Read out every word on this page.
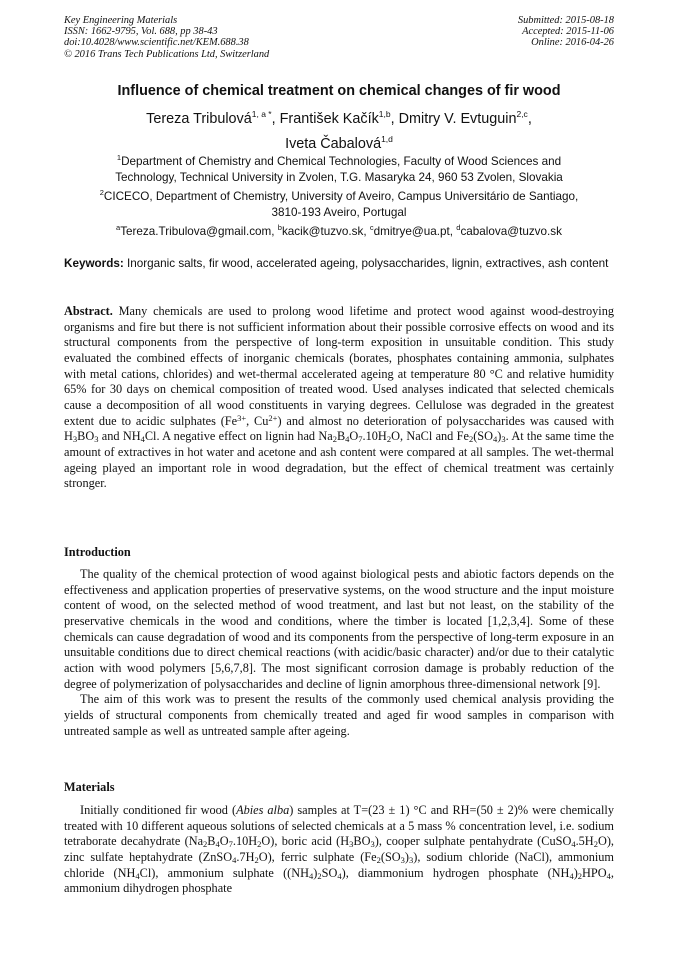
Key Engineering Materials
ISSN: 1662-9795, Vol. 688, pp 38-43
doi:10.4028/www.scientific.net/KEM.688.38
© 2016 Trans Tech Publications Ltd, Switzerland
Submitted: 2015-08-18
Accepted: 2015-11-06
Online: 2016-04-26
Influence of chemical treatment on chemical changes of fir wood
Tereza Tribulová$^{1, a *}$, František Kačík$^{1,b}$, Dmitry V. Evtuguin$^{2,c}$,
Iveta Čabalová$^{1,d}$
$^1$Department of Chemistry and Chemical Technologies, Faculty of Wood Sciences and
Technology, Technical University in Zvolen, T.G. Masaryka 24, 960 53 Zvolen, Slovakia
$^2$CICECO, Department of Chemistry, University of Aveiro, Campus Universitário de Santiago,
3810-193 Aveiro, Portugal
$^a$Tereza.Tribulova@gmail.com, $^b$kacik@tuzvo.sk, $^c$dmitrye@ua.pt, $^d$cabalova@tuzvo.sk
Keywords: Inorganic salts, fir wood, accelerated ageing, polysaccharides, lignin, extractives, ash content

Abstract. Many chemicals are used to prolong wood lifetime and protect wood against wood-destroying organisms and fire but there is not sufficient information about their possible corrosive effects on wood and its structural components from the perspective of long-term exposition in unsuitable condition. This study evaluated the combined effects of inorganic chemicals (borates, phosphates containing ammonia, sulphates with metal cations, chlorides) and wet-thermal accelerated ageing at temperature 80 °C and relative humidity 65% for 30 days on chemical composition of treated wood. Used analyses indicated that selected chemicals cause a decomposition of all wood constituents in varying degrees. Cellulose was degraded in the greatest extent due to acidic sulphates ($Fe^{3+}$, $Cu^{2+}$) and almost no deterioration of polysaccharides was caused with $H_3BO_3$ and $NH_4Cl$. A negative effect on lignin had $Na_2B_4O_7.10H_2O$, NaCl and $Fe_2(SO_4)_3$. At the same time the amount of extractives in hot water and acetone and ash content were compared at all samples. The wet-thermal ageing played an important role in wood degradation, but the effect of chemical treatment was certainly stronger.

Introduction

The quality of the chemical protection of wood against biological pests and abiotic factors depends on the effectiveness and application properties of preservative systems, on the wood structure and the input moisture content of wood, on the selected method of wood treatment, and last but not least, on the stability of the preservative chemicals in the wood and conditions, where the timber is located [1,2,3,4]. Some of these chemicals can cause degradation of wood and its components from the perspective of long-term exposure in an unsuitable conditions due to direct chemical reactions (with acidic/basic character) and/or due to their catalytic action with wood polymers [5,6,7,8]. The most significant corrosion damage is probably reduction of the degree of polymerization of polysaccharides and decline of lignin amorphous three-dimensional network [9].

The aim of this work was to present the results of the commonly used chemical analysis providing the yields of structural components from chemically treated and aged fir wood samples in comparison with untreated sample as well as untreated sample after ageing.

Materials

Initially conditioned fir wood (Abies alba) samples at T=(23 ± 1) °C and RH=(50 ± 2)% were chemically treated with 10 different aqueous solutions of selected chemicals at a 5 mass % concentration level, i.e. sodium tetraborate decahydrate $(Na_2B_4O_7.10H_2O)$, boric acid $(H_3BO_3)$, cooper sulphate pentahydrate $(CuSO_4.5H_2O)$, zinc sulfate heptahydrate $(ZnSO_4.7H_2O)$, ferric sulphate $(Fe_2(SO_3)_3)$, sodium chloride (NaCl), ammonium chloride $(NH_4Cl)$, ammonium sulphate $((NH_4)_2SO_4)$, diammonium hydrogen phosphate $(NH_4)_2HPO_4$, ammonium dihydrogen phosphate
